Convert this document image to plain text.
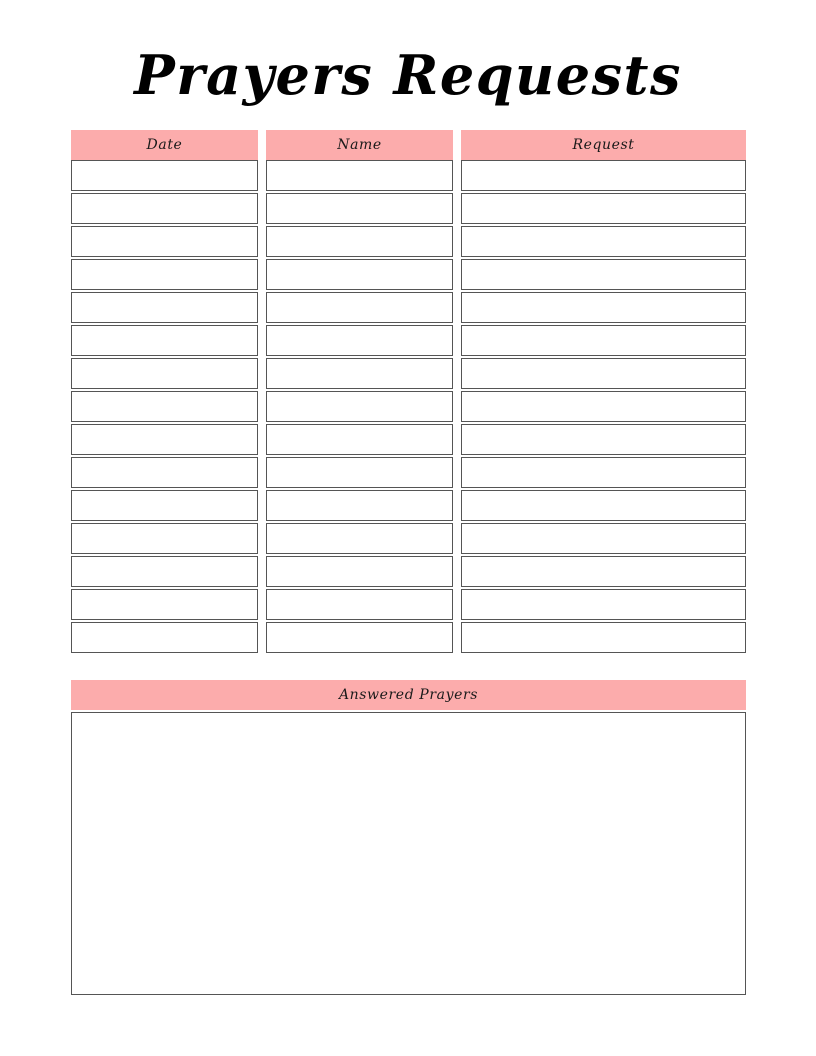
Prayers Requests
Date	Name	Request
Answered Prayers
